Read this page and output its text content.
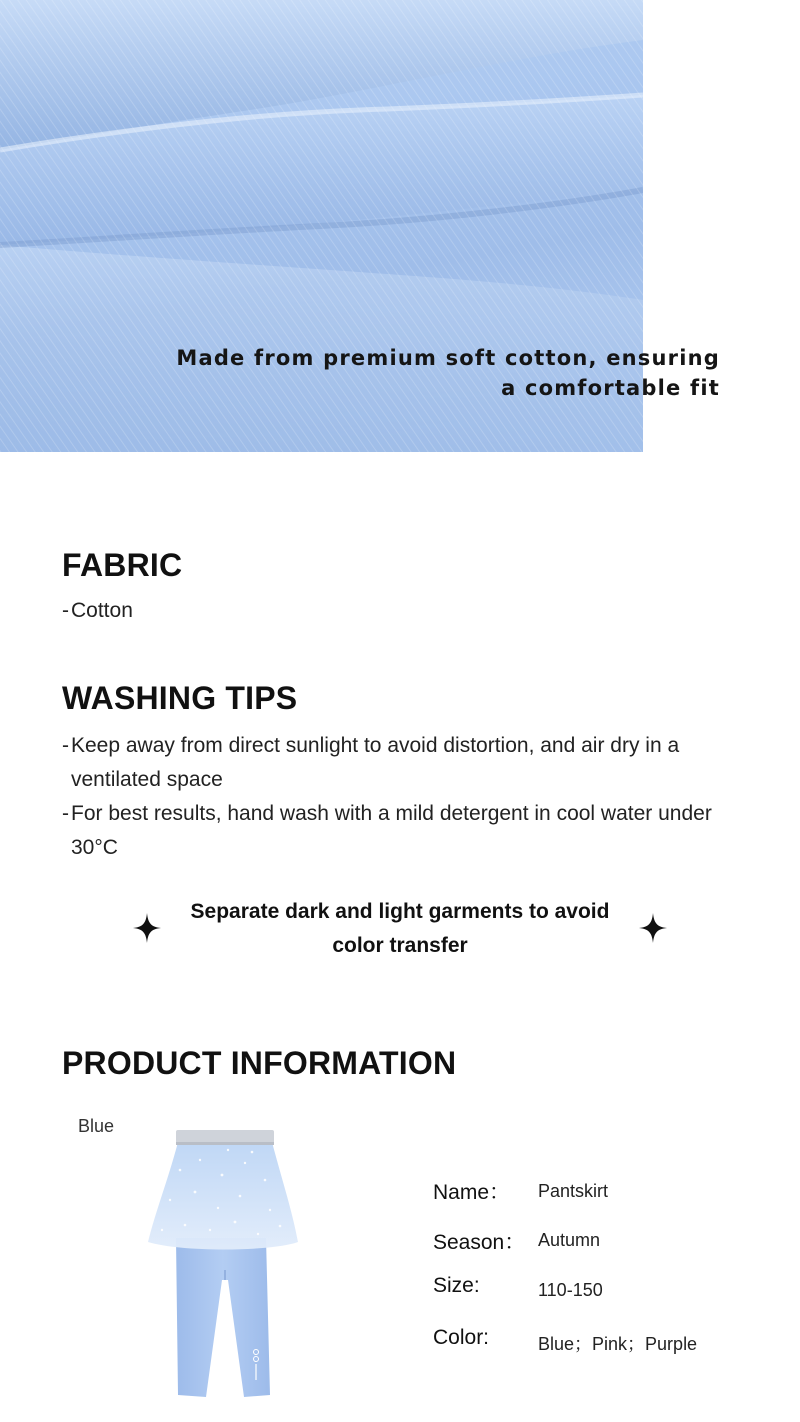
Made from premium soft cotton, ensuring a comfortable fit
FABRIC
- Cotton
WASHING TIPS
- Keep away from direct sunlight to avoid distortion, and air dry in a ventilated space
- For best results, hand wash with a mild detergent in cool water under 30°C
Separate dark and light garments to avoid color transfer
PRODUCT INFORMATION
Blue
Name： Pantskirt
Season： Autumn
Size:	110-150
Color:	Blue；Pink；Purple
